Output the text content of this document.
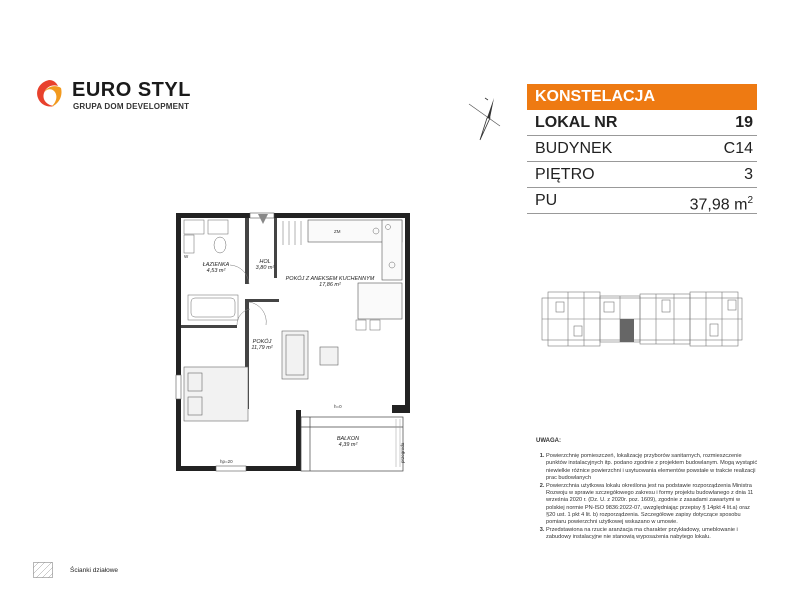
EURO STYL
GRUPA DOM DEVELOPMENT
KONSTELACJA
LOKAL NR	19
BUDYNEK	C14
PIĘTRO	3
PU	37,98 $m^2$
ŁAZIENKA
4,53 m²
HOL
3,80 m²
POKÓJ Z ANEKSEM KUCHENNYM
17,86 m²
POKÓJ
11,79 m²
BALKON
4,39 m²
W
ZM
h=0
hp=20	przegroda
UWAGA:
1. Powierzchnię pomieszczeń, lokalizację przyborów sanitarnych, rozmieszczenie punktów instalacyjnych itp. podano zgodnie z projektem budowlanym. Mogą wystąpić niewielkie różnice powierzchni i usytuowania elementów powstałe w trakcie realizacji prac budowlanych
2. Powierzchnia użytkowa lokalu określona jest na podstawie rozporządzenia Ministra Rozwoju w sprawie szczegółowego zakresu i formy projektu budowlanego z dnia 11 września 2020 r. (Dz. U. z 2020r. poz. 1609), zgodnie z zasadami zawartymi w polskiej normie PN-ISO 9836:2022-07, uwzględniając przepisy § 14pkt 4 lit.a) oraz §20 ust. 1 pkt 4 lit. b) rozporządzenia. Szczegółowe zapisy dotyczące sposobu pomiaru powierzchni użytkowej wskazano w umowie.
3. Przedstawiona na rzucie aranżacja ma charakter przykładowy, umeblowanie i zabudowy instalacyjne nie stanowią wyposażenia nabytego lokalu.
Ścianki działowe
